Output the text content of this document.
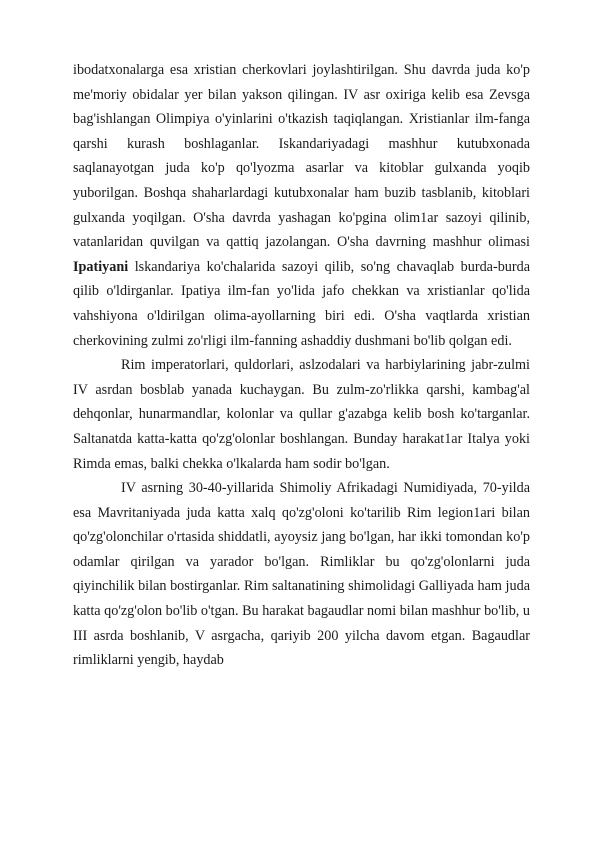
ibodatxonalarga esa xristian cherkovlari joylashtirilgan. Shu davrda juda ko'p me'moriy obidalar yer bilan yakson qilingan. IV asr oxiriga kelib esa Zevsga bag'ishlangan Olimpiya o'yinlarini o'tkazish taqiqlangan. Xristianlar ilm-fanga qarshi kurash boshlaganlar. Iskandariyadagi mashhur kutubxonada saqlanayotgan juda ko'p qo'lyozma asarlar va kitoblar gulxanda yoqib yuborilgan. Boshqa shaharlardagi kutubxonalar ham buzib tasblanib, kitoblari gulxanda yoqilgan. O'sha davrda yashagan ko'pgina olim1ar sazoyi qilinib, vatanlaridan quvilgan va qattiq jazolangan. O'sha davrning mashhur olimasi Ipatiyani lskandariya ko'chalarida sazoyi qilib, so'ng chavaqlab burda-burda qilib o'ldirganlar. Ipatiya ilm-fan yo'lida jafo chekkan va xristianlar qo'lida vahshiyona o'ldirilgan olima-ayollarning biri edi. O'sha vaqtlarda xristian cherkovining zulmi zo'rligi ilm-fanning ashaddiy dushmani bo'lib qolgan edi.

Rim imperatorlari, quldorlari, aslzodalari va harbiylarining jabr-zulmi IV asrdan bosblab yanada kuchaygan. Bu zulm-zo'rlikka qarshi, kambag'al dehqonlar, hunarmandlar, kolonlar va qullar g'azabga kelib bosh ko'targanlar. Saltanatda katta-katta qo'zg'olonlar boshlangan. Bunday harakat1ar Italya yoki Rimda emas, balki chekka o'lkalarda ham sodir bo'lgan.

IV asrning 30-40-yillarida Shimoliy Afrikadagi Numidiyada, 70-yilda esa Mavritaniyada juda katta xalq qo'zg'oloni ko'tarilib Rim legion1ari bilan qo'zg'olonchilar o'rtasida shiddatli, ayoysiz jang bo'lgan, har ikki tomondan ko'p odamlar qirilgan va yarador bo'lgan. Rimliklar bu qo'zg'olonlarni juda qiyinchilik bilan bostirganlar. Rim saltanatining shimolidagi Galliyada ham juda katta qo'zg'olon bo'lib o'tgan. Bu harakat bagaudlar nomi bilan mashhur bo'lib, u III asrda boshlanib, V asrgacha, qariyib 200 yilcha davom etgan. Bagaudlar rimliklarni yengib, haydab
